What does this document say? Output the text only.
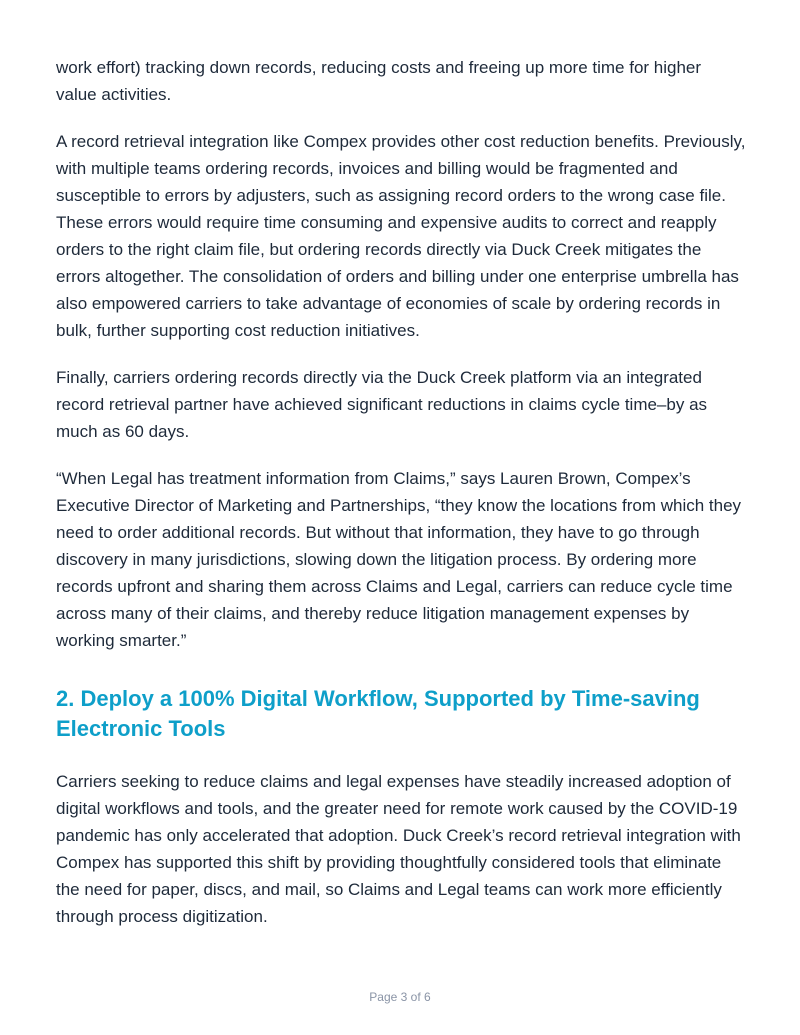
work effort) tracking down records, reducing costs and freeing up more time for higher value activities.

A record retrieval integration like Compex provides other cost reduction benefits. Previously, with multiple teams ordering records, invoices and billing would be fragmented and susceptible to errors by adjusters, such as assigning record orders to the wrong case file. These errors would require time consuming and expensive audits to correct and reapply orders to the right claim file, but ordering records directly via Duck Creek mitigates the errors altogether. The consolidation of orders and billing under one enterprise umbrella has also empowered carriers to take advantage of economies of scale by ordering records in bulk, further supporting cost reduction initiatives.

Finally, carriers ordering records directly via the Duck Creek platform via an integrated record retrieval partner have achieved significant reductions in claims cycle time–by as much as 60 days.

“When Legal has treatment information from Claims,” says Lauren Brown, Compex’s Executive Director of Marketing and Partnerships, “they know the locations from which they need to order additional records. But without that information, they have to go through discovery in many jurisdictions, slowing down the litigation process. By ordering more records upfront and sharing them across Claims and Legal, carriers can reduce cycle time across many of their claims, and thereby reduce litigation management expenses by working smarter.”

2. Deploy a 100% Digital Workflow, Supported by Time-saving Electronic Tools

Carriers seeking to reduce claims and legal expenses have steadily increased adoption of digital workflows and tools, and the greater need for remote work caused by the COVID-19 pandemic has only accelerated that adoption. Duck Creek’s record retrieval integration with Compex has supported this shift by providing thoughtfully considered tools that eliminate the need for paper, discs, and mail, so Claims and Legal teams can work more efficiently through process digitization.

Page 3 of 6
